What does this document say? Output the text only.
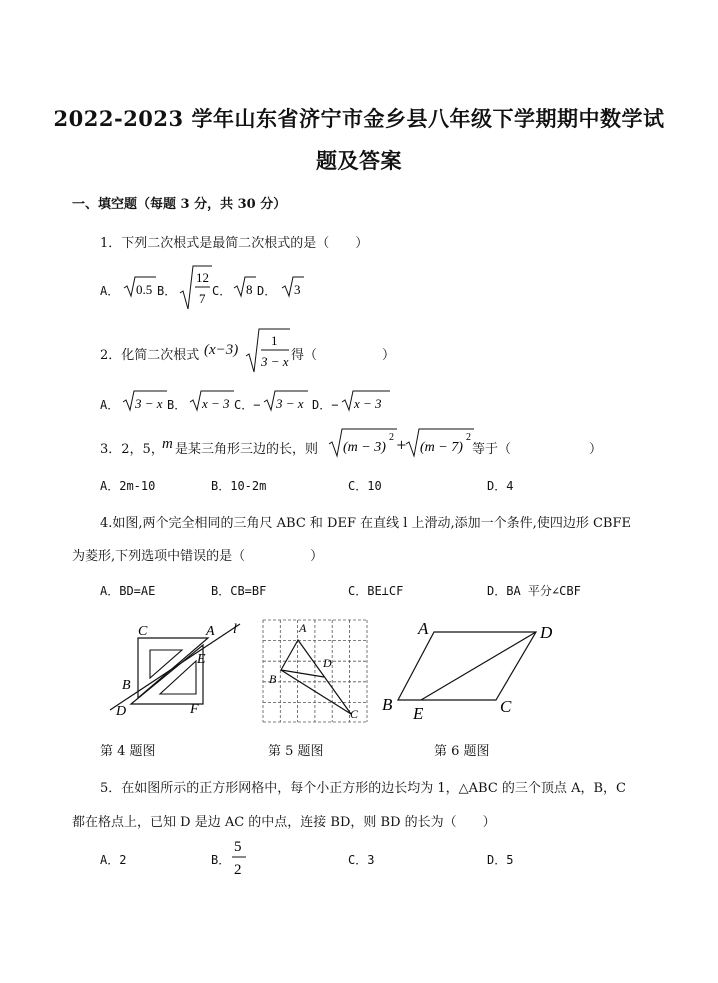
2022-2023 学年山东省济宁市金乡县八年级下学期期中数学试
题及答案
一、填空题（每题 3 分，共 30 分）
1．下列二次根式是最简二次根式的是（　　）
A． 0.5 B．
12
7 C． 8 D． 3
2．化简二次根式 (x−3)
1
3 − x 得（　　　　　）
A． 3 − x B． x − 3 C．− 3 − x D．− x − 3
3．2，5，
m 是某三角形三边的长，则 (m − 3)
2
+ (m − 7)
2
等于（　　　　　　）
A．2m-10	B．10-2m	C．10	D．4
4.如图,两个完全相同的三角尺 ABC 和 DEF 在直线 l 上滑动,添加一个条件,使四边形 CBFE
为菱形,下列选项中错误的是（　　　　　）
A．BD=AE	B．CB=BF	C．BE⊥CF	D．BA 平分∠CBF
C	A l
E
B
D	F
A
D
B
C
A	D
B E	C
第 4 题图	第 5 题图	第 6 题图
5．在如图所示的正方形网格中，每个小正方形的边长均为 1，△ABC 的三个顶点 A，B，C
都在格点上，已知 D 是边 AC 的中点，连接 BD，则 BD 的长为（　　）
A．2	B．
5
2
C．3	D．5
